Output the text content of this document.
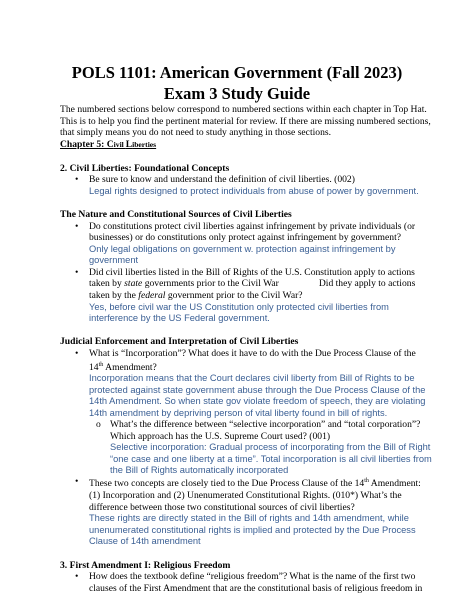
POLS 1101: American Government (Fall 2023)
Exam 3 Study Guide
The numbered sections below correspond to numbered sections within each chapter in Top Hat. This is to help you find the pertinent material for review. If there are missing numbered sections, that simply means you do not need to study anything in those sections.
Chapter 5: Civil Liberties
2. Civil Liberties: Foundational Concepts
• Be sure to know and understand the definition of civil liberties. (002)
Legal rights designed to protect individuals from abuse of power by government.
The Nature and Constitutional Sources of Civil Liberties
• Do constitutions protect civil liberties against infringement by private individuals (or businesses) or do constitutions only protect against infringement by government?
Only legal obligations on government w. protection against infringement by government
• Did civil liberties listed in the Bill of Rights of the U.S. Constitution apply to actions taken by state governments prior to the Civil War	Did they apply to actions taken by the federal government prior to the Civil War?
Yes, before civil war the US Constitution only protected civil liberties from interference by the US Federal government.
Judicial Enforcement and Interpretation of Civil Liberties
• What is “Incorporation”? What does it have to do with the Due Process Clause of the 14th Amendment?
Incorporation means that the Court declares civil liberty from Bill of Rights to be protected against state government abuse through the Due Process Clause of the 14th Amendment. So when state gov violate freedom of speech, they are violating 14th amendment by depriving person of vital liberty found in bill of rights.
o What’s the difference between “selective incorporation” and “total corporation”? Which approach has the U.S. Supreme Court used? (001)
Selective incorporation: Gradual process of incorporating from the Bill of Right “one case and one liberty at a time”. Total incorporation is all civil liberties from the Bill of Rights automatically incorporated
• These two concepts are closely tied to the Due Process Clause of the 14th Amendment: (1) Incorporation and (2) Unenumerated Constitutional Rights. (010*) What’s the difference between those two constitutional sources of civil liberties?
These rights are directly stated in the Bill of rights and 14th amendment, while unenumerated constitutional rights is implied and protected by the Due Process Clause of 14th amendment
3. First Amendment I: Religious Freedom
• How does the textbook define “religious freedom”? What is the name of the first two clauses of the First Amendment that are the constitutional basis of religious freedom in
